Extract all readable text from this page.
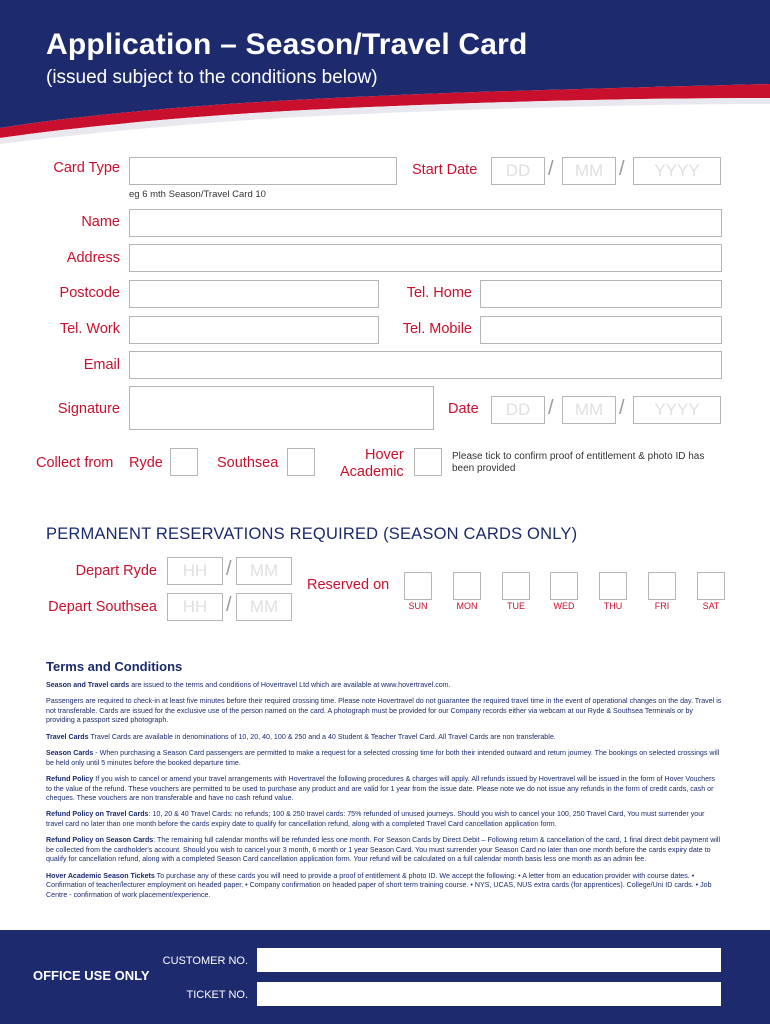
Application – Season/Travel Card
(issued subject to the conditions below)
Card Type
eg 6 mth Season/Travel Card 10
Start Date	DD /	MM /	YYYY
Name
Address
Postcode	Tel. Home
Tel. Work	Tel. Mobile
Email
Signature	Date	DD /	MM /	YYYY
Collect from Ryde	Southsea	Hover
Academic
Please tick to confirm proof of entitlement & photo ID has been provided
PERMANENT RESERVATIONS REQUIRED (SEASON CARDS ONLY)
Depart Ryde	HH /	MM
Depart Southsea	HH /	MM
Reserved on
SUN	MON	TUE	WED	THU	FRI	SAT
Terms and Conditions

Season and Travel cards are issued to the terms and conditions of Hovertravel Ltd which are available at www.hovertravel.com.

Passengers are required to check-in at least five minutes before their required crossing time. Please note Hovertravel do not guarantee the required travel time in the event of operational changes on the day. Travel is not transferable. Cards are issued for the exclusive use of the person named on the card. A photograph must be provided for our Company records either via webcam at our Ryde & Southsea Terminals or by providing a passport sized photograph.

Travel Cards Travel Cards are available in denominations of 10, 20, 40, 100 & 250 and a 40 Student & Teacher Travel Card. All Travel Cards are non transferable.

Season Cards - When purchasing a Season Card passengers are permitted to make a request for a selected crossing time for both their intended outward and return journey. The bookings on selected crossings will be held only until 5 minutes before the booked departure time.

Refund Policy If you wish to cancel or amend your travel arrangements with Hovertravel the following procedures & charges will apply. All refunds issued by Hovertravel will be issued in the form of Hover Vouchers to the value of the refund. These vouchers are permitted to be used to purchase any product and are valid for 1 year from the issue date. Please note we do not issue any refunds in the form of credit cards, cash or cheques. These vouchers are non transferable and have no cash refund value.

Refund Policy on Travel Cards: 10, 20 & 40 Travel Cards: no refunds; 100 & 250 travel cards: 75% refunded of unused journeys. Should you wish to cancel your 100, 250 Travel Card, You must surrender your travel card no later than one month before the cards expiry date to qualify for cancellation refund, along with a completed Travel Card cancellation application form.

Refund Policy on Season Cards: The remaining full calendar months will be refunded less one month. For Season Cards by Direct Debit – Following return & cancellation of the card, 1 final direct debit payment will be collected from the cardholder's account. Should you wish to cancel your 3 month, 6 month or 1 year Season Card. You must surrender your Season Card no later than one month before the cards expiry date to qualify for cancellation refund, along with a completed Season Card cancellation application form. Your refund will be calculated on a full calendar month basis less one month as an admin fee.

Hover Academic Season Tickets To purchase any of these cards you will need to provide a proof of entitlement & photo ID. We accept the following: • A letter from an education provider with course dates. • Confirmation of teacher/lecturer employment on headed paper. • Company confirmation on headed paper of short term training course. • NYS, UCAS, NUS extra cards (for apprentices). College/Uni ID cards. • Job Centre - confirmation of work placement/experience.

OFFICE USE ONLY
CUSTOMER NO.
TICKET NO.
